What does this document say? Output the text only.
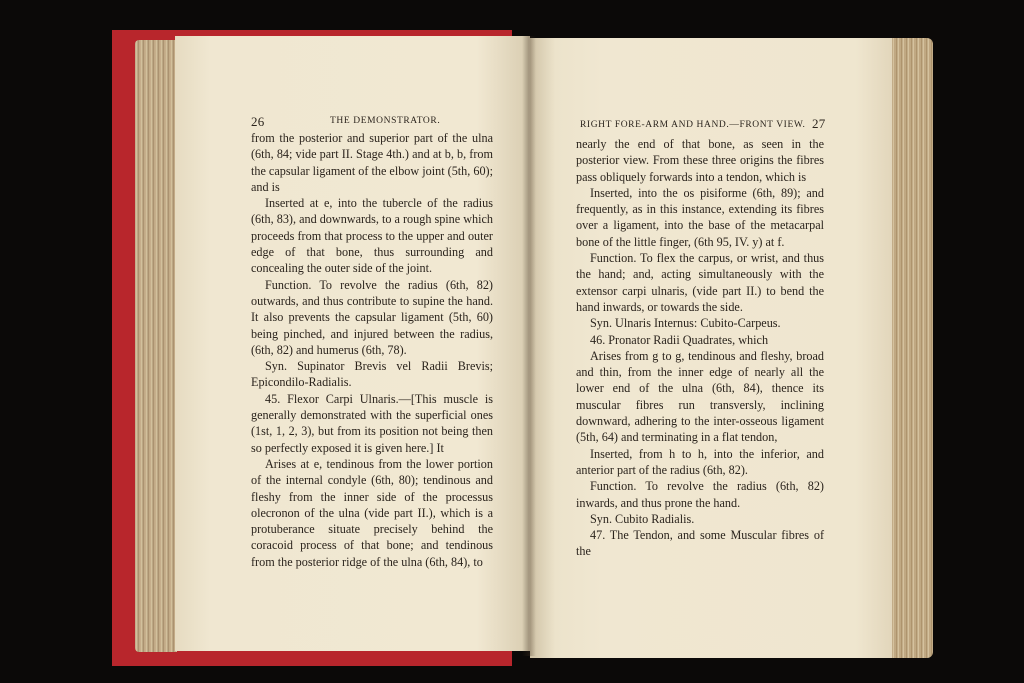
26	THE DEMONSTRATOR.

from the posterior and superior part of the ulna (6th, 84; vide part II. Stage 4th.) and at b, b, from the capsular ligament of the elbow joint (5th, 60); and is

Inserted at e, into the tubercle of the radius (6th, 83), and downwards, to a rough spine which proceeds from that process to the upper and outer edge of that bone, thus surrounding and concealing the outer side of the joint.

Function. To revolve the radius (6th, 82) outwards, and thus contribute to supine the hand. It also prevents the capsular ligament (5th, 60) being pinched, and injured between the radius, (6th, 82) and humerus (6th, 78).

Syn. Supinator Brevis vel Radii Brevis; Epicondilo-Radialis.

45. Flexor Carpi Ulnaris.—[This muscle is generally demonstrated with the superficial ones (1st, 1, 2, 3), but from its position not being then so perfectly exposed it is given here.] It

Arises at e, tendinous from the lower portion of the internal condyle (6th, 80); tendinous and fleshy from the inner side of the processus olecronon of the ulna (vide part II.), which is a protuberance situate precisely behind the coracoid process of that bone; and tendinous from the posterior ridge of the ulna (6th, 84), to

RIGHT FORE-ARM AND HAND.—FRONT VIEW. 27

nearly the end of that bone, as seen in the posterior view. From these three origins the fibres pass obliquely forwards into a tendon, which is

Inserted, into the os pisiforme (6th, 89); and frequently, as in this instance, extending its fibres over a ligament, into the base of the metacarpal bone of the little finger, (6th 95, IV. y) at f.

Function. To flex the carpus, or wrist, and thus the hand; and, acting simultaneously with the extensor carpi ulnaris, (vide part II.) to bend the hand inwards, or towards the side.

Syn. Ulnaris Internus: Cubito-Carpeus.

46. Pronator Radii Quadrates, which

Arises from g to g, tendinous and fleshy, broad and thin, from the inner edge of nearly all the lower end of the ulna (6th, 84), thence its muscular fibres run transversly, inclining downward, adhering to the inter-osseous ligament (5th, 64) and terminating in a flat tendon,

Inserted, from h to h, into the inferior, and anterior part of the radius (6th, 82).

Function. To revolve the radius (6th, 82) inwards, and thus prone the hand.

Syn. Cubito Radialis.

47. The Tendon, and some Muscular fibres of the
